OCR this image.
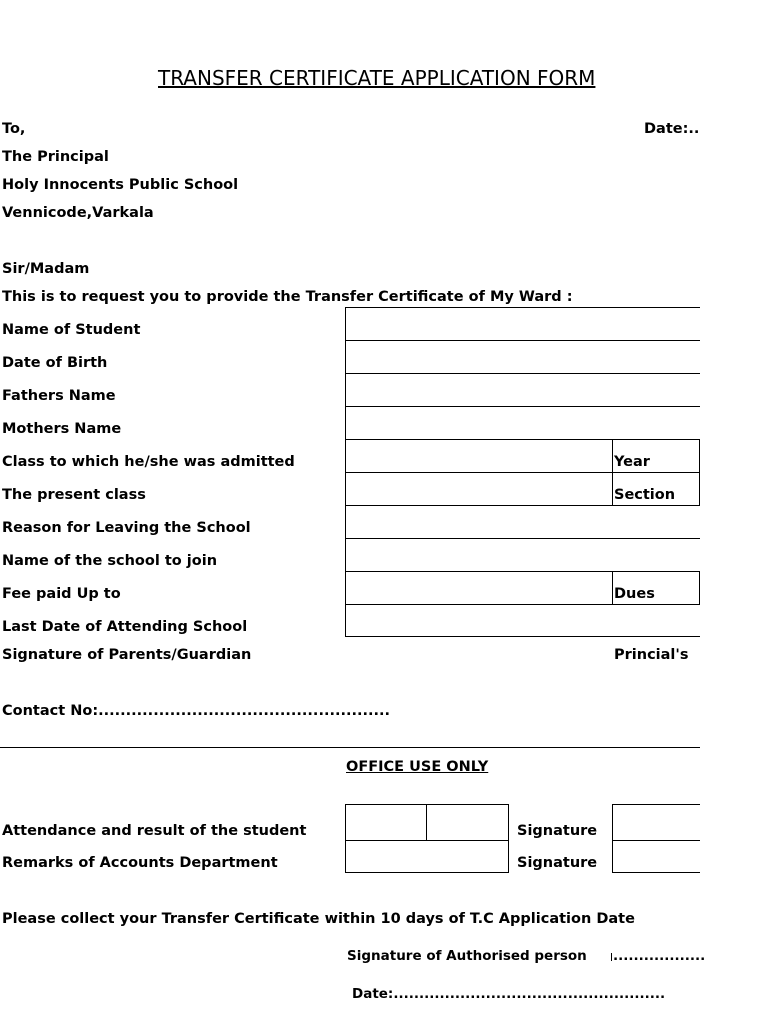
TRANSFER CERTIFICATE APPLICATION FORM
To,	Date:..
The Principal
Holy Innocents Public School
Vennicode,Varkala
Sir/Madam
This is to request you to provide the Transfer Certificate of My Ward :
Name of Student
Date of Birth
Fathers Name
Mothers Name
Class to which he/she was admitted	Year
The present class	Section
Reason for Leaving the School
Name of the school to join
Fee paid Up to	Dues
Last Date of Attending School
Signature of Parents/Guardian	Princial's
Contact No:.....................................................
OFFICE USE ONLY
Attendance and result of the student	Signature
Remarks of Accounts Department	Signature
Please collect your Transfer Certificate within 10 days of T.C Application Date
Signature of Authorised person ..................
Date:.....................................................
